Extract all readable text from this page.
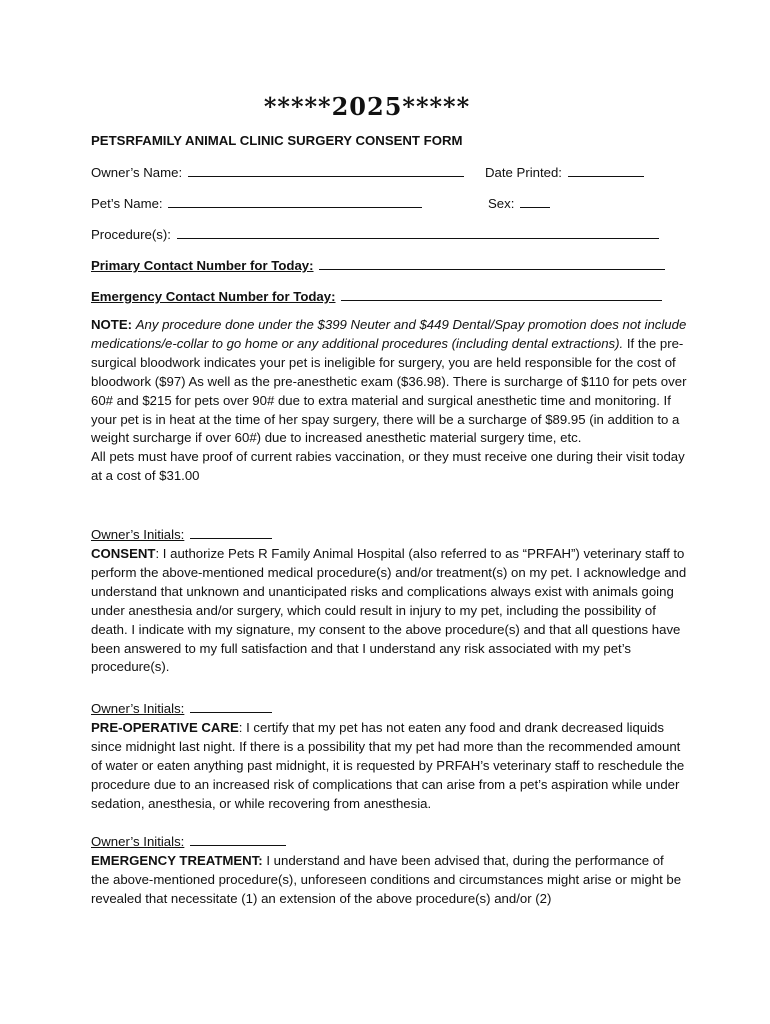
*****2025*****
PETSRFAMILY ANIMAL CLINIC SURGERY CONSENT FORM
Owner’s Name:	Date Printed:
Pet’s Name:	Sex:
Procedure(s):
Primary Contact Number for Today:
Emergency Contact Number for Today:

NOTE: Any procedure done under the $399 Neuter and $449 Dental/Spay promotion does not include medications/e-collar to go home or any additional procedures (including dental extractions). If the pre-surgical bloodwork indicates your pet is ineligible for surgery, you are held responsible for the cost of bloodwork ($97) As well as the pre-anesthetic exam ($36.98). There is surcharge of $110 for pets over 60# and $215 for pets over 90# due to extra material and surgical anesthetic time and monitoring. If your pet is in heat at the time of her spay surgery, there will be a surcharge of $89.95 (in addition to a weight surcharge if over 60#) due to increased anesthetic material surgery time, etc.

All pets must have proof of current rabies vaccination, or they must receive one during their visit today at a cost of $31.00

Owner’s Initials:

CONSENT: I authorize Pets R Family Animal Hospital (also referred to as “PRFAH”) veterinary staff to perform the above-mentioned medical procedure(s) and/or treatment(s) on my pet. I acknowledge and understand that unknown and unanticipated risks and complications always exist with animals going under anesthesia and/or surgery, which could result in injury to my pet, including the possibility of death. I indicate with my signature, my consent to the above procedure(s) and that all questions have been answered to my full satisfaction and that I understand any risk associated with my pet’s procedure(s).

Owner’s Initials:

PRE-OPERATIVE CARE: I certify that my pet has not eaten any food and drank decreased liquids since midnight last night. If there is a possibility that my pet had more than the recommended amount of water or eaten anything past midnight, it is requested by PRFAH’s veterinary staff to reschedule the procedure due to an increased risk of complications that can arise from a pet’s aspiration while under sedation, anesthesia, or while recovering from anesthesia.

Owner’s Initials:

EMERGENCY TREATMENT: I understand and have been advised that, during the performance of the above-mentioned procedure(s), unforeseen conditions and circumstances might arise or might be revealed that necessitate (1) an extension of the above procedure(s) and/or (2)
